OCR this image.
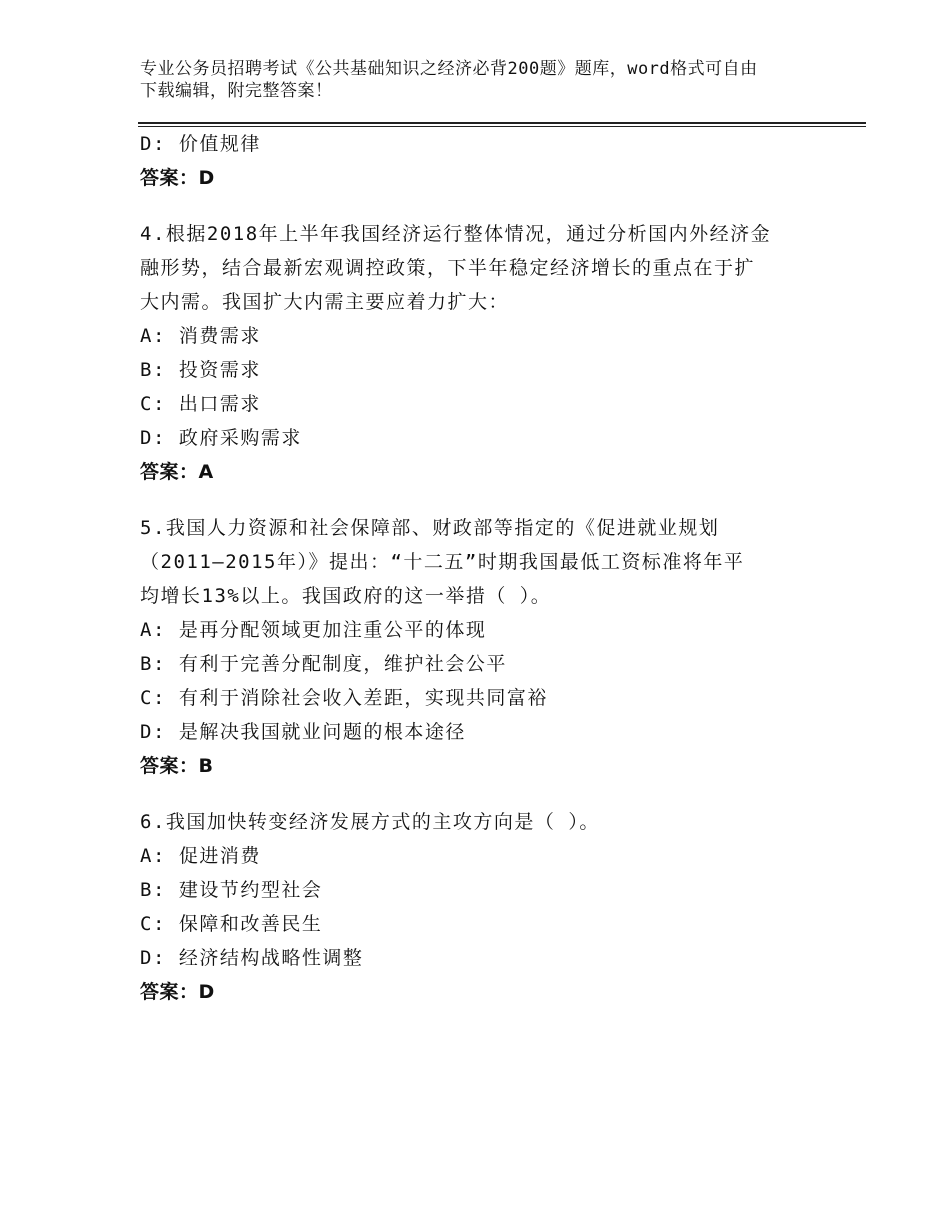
专业公务员招聘考试《公共基础知识之经济必背200题》题库，word格式可自由
下载编辑，附完整答案！
D: 价值规律
答案：D
4.根据2018年上半年我国经济运行整体情况，通过分析国内外经济金
融形势，结合最新宏观调控政策，下半年稳定经济增长的重点在于扩
大内需。我国扩大内需主要应着力扩大：
A: 消费需求
B: 投资需求
C: 出口需求
D: 政府采购需求
答案：A
5.我国人力资源和社会保障部、财政部等指定的《促进就业规划
（2011—2015年）》提出：“十二五”时期我国最低工资标准将年平
均增长13%以上。我国政府的这一举措（ ）。
A: 是再分配领域更加注重公平的体现
B: 有利于完善分配制度，维护社会公平
C: 有利于消除社会收入差距，实现共同富裕
D: 是解决我国就业问题的根本途径
答案：B
6.我国加快转变经济发展方式的主攻方向是（ ）。
A: 促进消费
B: 建设节约型社会
C: 保障和改善民生
D: 经济结构战略性调整
答案：D
